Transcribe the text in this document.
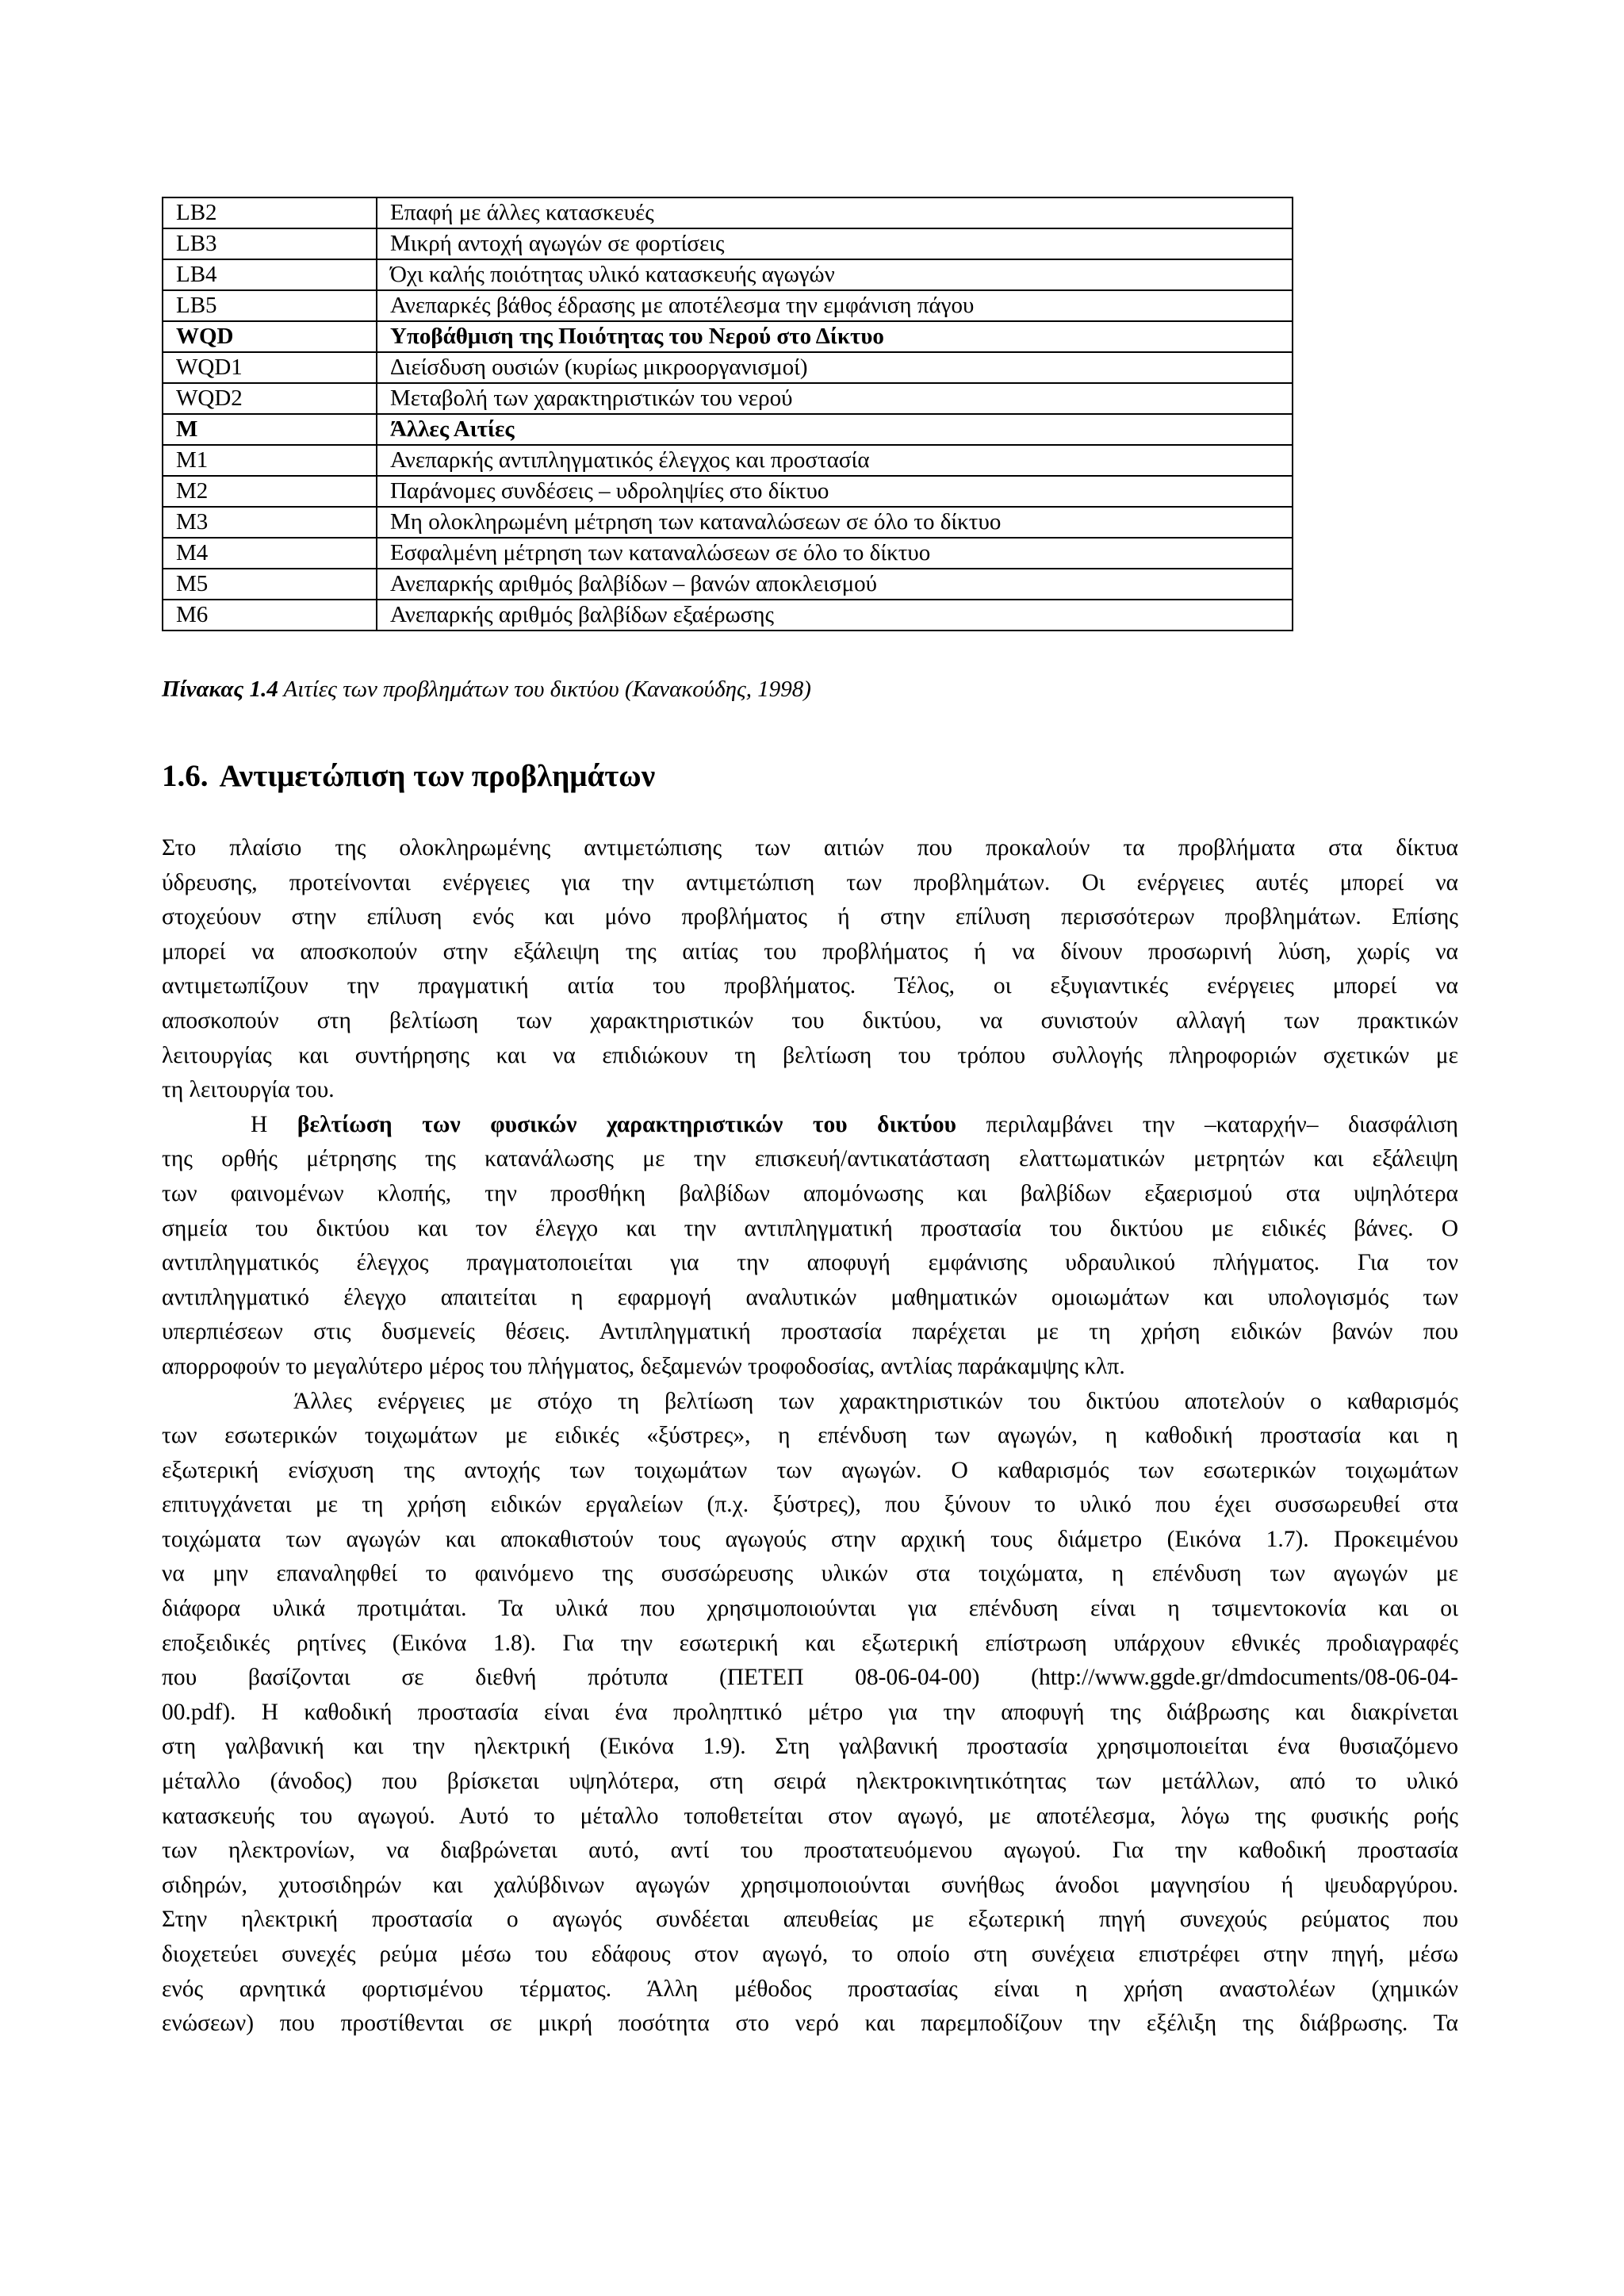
LB2	Επαφή με άλλες κατασκευές
LB3	Μικρή αντοχή αγωγών σε φορτίσεις
LB4	Όχι καλής ποιότητας υλικό κατασκευής αγωγών
LB5	Ανεπαρκές βάθος έδρασης με αποτέλεσμα την εμφάνιση πάγου
WQD	Υποβάθμιση της Ποιότητας του Νερού στο Δίκτυο
WQD1	Διείσδυση ουσιών (κυρίως μικροοργανισμοί)
WQD2	Μεταβολή των χαρακτηριστικών του νερού
M	Άλλες Αιτίες
M1	Ανεπαρκής αντιπληγματικός έλεγχος και προστασία
M2	Παράνομες συνδέσεις – υδροληψίες στο δίκτυο
M3	Μη ολοκληρωμένη μέτρηση των καταναλώσεων σε όλο το δίκτυο
M4	Εσφαλμένη μέτρηση των καταναλώσεων σε όλο το δίκτυο
M5	Ανεπαρκής αριθμός βαλβίδων – βανών αποκλεισμού
M6	Ανεπαρκής αριθμός βαλβίδων εξαέρωσης
Πίνακας 1.4 Αιτίες των προβλημάτων του δικτύου (Κανακούδης, 1998)
1.6. Αντιμετώπιση των προβλημάτων
Στο πλαίσιο της ολοκληρωμένης αντιμετώπισης των αιτιών που προκαλούν τα προβλήματα στα δίκτυα
ύδρευσης, προτείνονται ενέργειες για την αντιμετώπιση των προβλημάτων. Οι ενέργειες αυτές μπορεί να
στοχεύουν στην επίλυση ενός και μόνο προβλήματος ή στην επίλυση περισσότερων προβλημάτων. Επίσης
μπορεί να αποσκοπούν στην εξάλειψη της αιτίας του προβλήματος ή να δίνουν προσωρινή λύση, χωρίς να
αντιμετωπίζουν την πραγματική αιτία του προβλήματος. Τέλος, οι εξυγιαντικές ενέργειες μπορεί να
αποσκοπούν στη βελτίωση των χαρακτηριστικών του δικτύου, να συνιστούν αλλαγή των πρακτικών
λειτουργίας και συντήρησης και να επιδιώκουν τη βελτίωση του τρόπου συλλογής πληροφοριών σχετικών με
τη λειτουργία του.
Η βελτίωση των φυσικών χαρακτηριστικών του δικτύου περιλαμβάνει την –καταρχήν– διασφάλιση
της ορθής μέτρησης της κατανάλωσης με την επισκευή/αντικατάσταση ελαττωματικών μετρητών και εξάλειψη
των φαινομένων κλοπής, την προσθήκη βαλβίδων απομόνωσης και βαλβίδων εξαερισμού στα υψηλότερα
σημεία του δικτύου και τον έλεγχο και την αντιπληγματική προστασία του δικτύου με ειδικές βάνες. Ο
αντιπληγματικός έλεγχος πραγματοποιείται για την αποφυγή εμφάνισης υδραυλικού πλήγματος. Για τον
αντιπληγματικό έλεγχο απαιτείται η εφαρμογή αναλυτικών μαθηματικών ομοιωμάτων και υπολογισμός των
υπερπιέσεων στις δυσμενείς θέσεις. Αντιπληγματική προστασία παρέχεται με τη χρήση ειδικών βανών που
απορροφούν το μεγαλύτερο μέρος του πλήγματος, δεξαμενών τροφοδοσίας, αντλίας παράκαμψης κλπ.
Άλλες ενέργειες με στόχο τη βελτίωση των χαρακτηριστικών του δικτύου αποτελούν ο καθαρισμός
των εσωτερικών τοιχωμάτων με ειδικές «ξύστρες», η επένδυση των αγωγών, η καθοδική προστασία και η
εξωτερική ενίσχυση της αντοχής των τοιχωμάτων των αγωγών. Ο καθαρισμός των εσωτερικών τοιχωμάτων
επιτυγχάνεται με τη χρήση ειδικών εργαλείων (π.χ. ξύστρες), που ξύνουν το υλικό που έχει συσσωρευθεί στα
τοιχώματα των αγωγών και αποκαθιστούν τους αγωγούς στην αρχική τους διάμετρο (Εικόνα 1.7). Προκειμένου
να μην επαναληφθεί το φαινόμενο της συσσώρευσης υλικών στα τοιχώματα, η επένδυση των αγωγών με
διάφορα υλικά προτιμάται. Τα υλικά που χρησιμοποιούνται για επένδυση είναι η τσιμεντοκονία και οι
εποξειδικές ρητίνες (Εικόνα 1.8). Για την εσωτερική και εξωτερική επίστρωση υπάρχουν εθνικές προδιαγραφές
που βασίζονται σε διεθνή πρότυπα (ΠΕΤΕΠ 08-06-04-00) (http://www.ggde.gr/dmdocuments/08-06-04-
00.pdf). Η καθοδική προστασία είναι ένα προληπτικό μέτρο για την αποφυγή της διάβρωσης και διακρίνεται
στη γαλβανική και την ηλεκτρική (Εικόνα 1.9). Στη γαλβανική προστασία χρησιμοποιείται ένα θυσιαζόμενο
μέταλλο (άνοδος) που βρίσκεται υψηλότερα, στη σειρά ηλεκτροκινητικότητας των μετάλλων, από το υλικό
κατασκευής του αγωγού. Αυτό το μέταλλο τοποθετείται στον αγωγό, με αποτέλεσμα, λόγω της φυσικής ροής
των ηλεκτρονίων, να διαβρώνεται αυτό, αντί του προστατευόμενου αγωγού. Για την καθοδική προστασία
σιδηρών, χυτοσιδηρών και χαλύβδινων αγωγών χρησιμοποιούνται συνήθως άνοδοι μαγνησίου ή ψευδαργύρου.
Στην ηλεκτρική προστασία ο αγωγός συνδέεται απευθείας με εξωτερική πηγή συνεχούς ρεύματος που
διοχετεύει συνεχές ρεύμα μέσω του εδάφους στον αγωγό, το οποίο στη συνέχεια επιστρέφει στην πηγή, μέσω
ενός αρνητικά φορτισμένου τέρματος. Άλλη μέθοδος προστασίας είναι η χρήση αναστολέων (χημικών
ενώσεων) που προστίθενται σε μικρή ποσότητα στο νερό και παρεμποδίζουν την εξέλιξη της διάβρωσης. Τα
